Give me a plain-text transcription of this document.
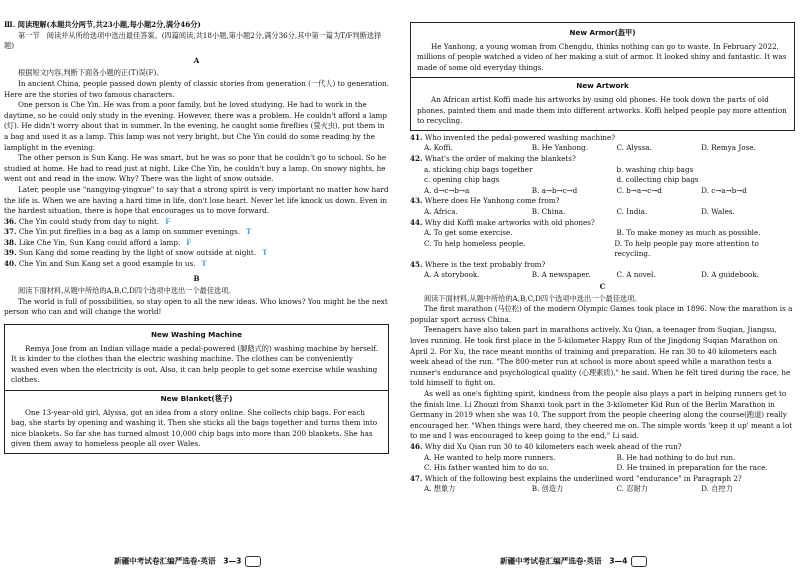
Ⅲ. 阅读理解(本题共分两节,共23小题,每小题2分,满分46分)

第一节　阅读并从所给选项中选出最佳答案。(四篇阅读,共18小题,第小题2分,满分36分,其中第一篇为T/F判断选择题)

A

根据短文内容,判断下面各小题的正(T)误(F)。

In ancient China, people passed down plenty of classic stories from generation (一代人) to generation. Here are the stories of two famous characters.

One person is Che Yin. He was from a poor family, but he loved studying. He had to work in the daytime, so he could only study in the evening. However, there was a problem. He couldn't afford a lamp (灯). He didn't worry about that in summer. In the evening, he caught some fireflies (萤火虫), put them in a bag and used it as a lamp. This lamp was not very bright, but Che Yin could do some reading by the lamplight in the evening.

The other person is Sun Kang. He was smart, but he was so poor that he couldn't go to school. So he studied at home. He had to read just at night. Like Che Yin, he couldn't buy a lamp. On snowy nights, he went out and read in the snow. Why? There was the light of snow outside.

Later, people use "nangying-yingxue" to say that a strong spirit is very important no matter how hard the life is. When we are having a hard time in life, don't lose heart. Never let life knock us down. Even in the hardest situation, there is hope that encourages us to move forward.

36. Che Yin could study from day to night. F

37. Che Yin put fireflies in a bag as a lamp on summer evenings. T

38. Like Che Yin, Sun Kang could afford a lamp. F

39. Sun Kang did some reading by the light of snow outside at night. T

40. Che Yin and Sun Kang set a good example to us. T

B

阅读下面材料,从题中所给的A,B,C,D四个选项中选出一个最佳选项。

The world is full of possibilities, so stay open to all the new ideas. Who knows? You might be the next person who can and will change the world!

New Washing Machine

Remya Jose from an Indian village made a pedal-powered (脚踏式的) washing machine by herself. It is kinder to the clothes than the electric washing machine. The clothes can be conveniently washed even when the electricity is out. Also, it can help people to get some exercise while washing clothes.

New Blanket(毯子)

One 13-year-old girl, Alyssa, got an idea from a story online. She collects chip bags. For each bag, she starts by opening and washing it. Then she sticks all the bags together and turns them into nice blankets. So far she has turned almost 10,000 chip bags into more than 200 blankets. She has given them away to homeless people all over Wales.

新疆中考试卷汇编严选卷·英语　3—3
New Armor(盔甲)

He Yanhong, a young woman from Chengdu, thinks nothing can go to waste. In February 2022, millions of people watched a video of her making a suit of armor. It looked shiny and fantastic. It was made of some old everyday things.

New Artwork

An African artist Koffi made his artworks by using old phones. He took down the parts of old phones, painted them and made them into different artworks. Koffi helped people pay more attention to recycling.

41. Who invented the pedal-powered washing machine?

A. Koffi.	B. He Yanhong.	C. Alyssa.	D. Remya Jose.

42. What's the order of making the blankets?

a. sticking chip bags together	b. washing chip bags
c. opening chip bags	d. collecting chip bags
A. d→c→b→a	B. a→b→c→d	C. b→a→c→d	D. c→a→b→d

43. Where does He Yanhong come from?

A. Africa.	B. China.	C. India.	D. Wales.

44. Why did Koffi make artworks with old phones?

A. To get some exercise.	B. To make money as much as possible.
C. To help homeless people.	D. To help people pay more attention to recycling.

45. Where is the text probably from?

A. A storybook.	B. A newspaper.	C. A novel.	D. A guidebook.

C

阅读下面材料,从题中所给的A,B,C,D四个选项中选出一个最佳选项。

The first marathon (马拉松) of the modern Olympic Games took place in 1896. Now the marathon is a popular sport across China.

Teenagers have also taken part in marathons actively. Xu Qian, a teenager from Suqian, Jiangsu, loves running. He took first place in the 5-kilometer Happy Run of the Jingdong Suqian Marathon on April 2. For Xu, the race meant months of training and preparation. He ran 30 to 40 kilometers each week ahead of the run. "The 800-meter run at school is more about speed while a marathon tests a runner's endurance and psychological quality (心理素质)," he said. When he felt tired during the race, he told himself to fight on.

As well as one's fighting spirit, kindness from the people also plays a part in helping runners get to the finish line. Li Zhouzi from Shanxi took part in the 3-kilometer Kid Run of the Berlin Marathon in Germany in 2019 when she was 10. The support from the people cheering along the course(跑道) really encouraged her. "When things were hard, they cheered me on. The simple words 'keep it up' meant a lot to me and I was encouraged to keep going to the end," Li said.

46. Why did Xu Qian run 30 to 40 kilometers each week ahead of the run?

A. He wanted to help more runners.	B. He had nothing to do but run.
C. His father wanted him to do so.	D. He trained in preparation for the race.

47. Which of the following best explains the underlined word "endurance" in Paragraph 2?

A. 想象力	B. 创造力	C. 忍耐力	D. 自控力
新疆中考试卷汇编严选卷·英语　3—4
